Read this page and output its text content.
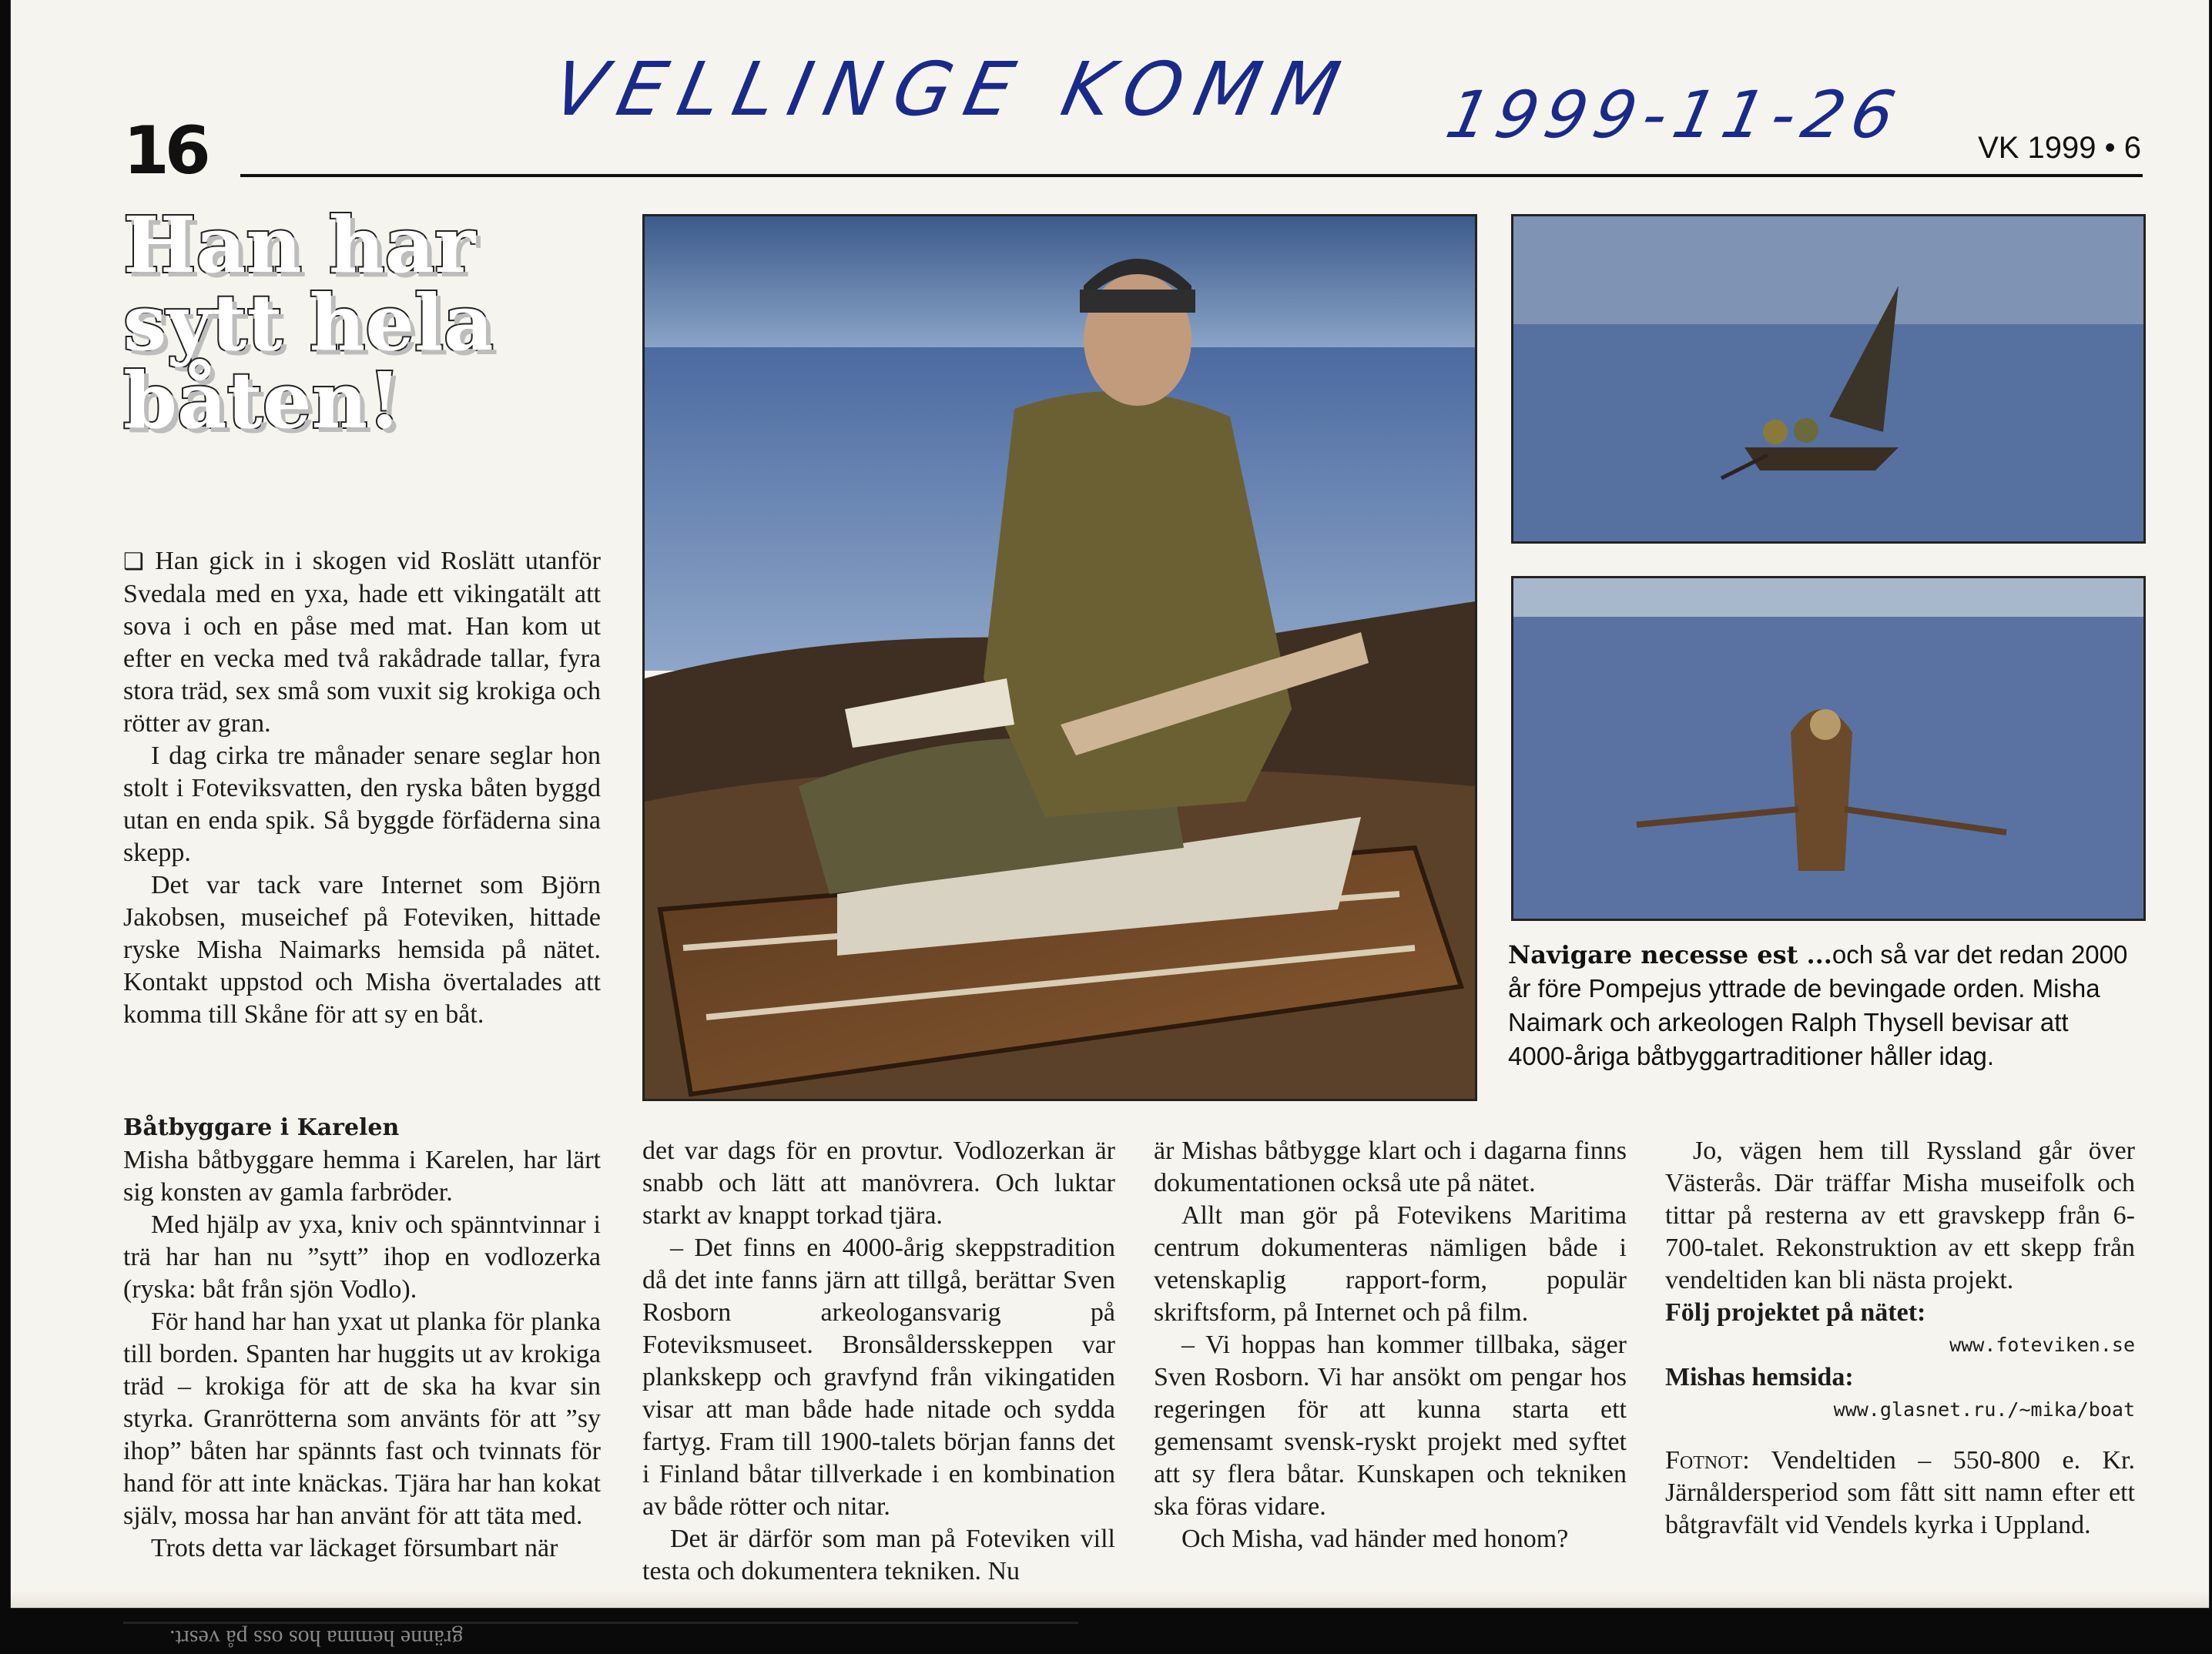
VELLINGE KOMM 1999-11-26
16	VK 1999 • 6
Han har
sytt hela
båten!

❑ Han gick in i skogen vid Roslätt utanför Svedala med en yxa, hade ett vikingatält att sova i och en påse med mat. Han kom ut efter en vecka med två rakådrade tallar, fyra stora träd, sex små som vuxit sig krokiga och rötter av gran.

I dag cirka tre månader senare seglar hon stolt i Foteviksvatten, den ryska båten byggd utan en enda spik. Så byggde förfäderna sina skepp.

Det var tack vare Internet som Björn Jakobsen, museichef på Foteviken, hittade ryske Misha Naimarks hemsida på nätet. Kontakt uppstod och Misha övertalades att komma till Skåne för att sy en båt.

Båtbyggare i Karelen

Misha båtbyggare hemma i Karelen, har lärt sig konsten av gamla farbröder.

Med hjälp av yxa, kniv och spänntvinnar i trä har han nu ”sytt” ihop en vodlozerka (ryska: båt från sjön Vodlo).

För hand har han yxat ut planka för planka till borden. Spanten har huggits ut av krokiga träd – krokiga för att de ska ha kvar sin styrka. Granrötterna som använts för att ”sy ihop” båten har spännts fast och tvinnats för hand för att inte knäckas. Tjära har han kokat själv, mossa har han använt för att täta med.

Trots detta var läckaget försumbart när

Navigare necesse est ...och så var det redan 2000 år före Pompejus yttrade de bevingade orden. Misha Naimark och arkeologen Ralph Thysell bevisar att 4000-åriga båtbyggartraditioner håller idag.

det var dags för en provtur. Vodlozerkan är snabb och lätt att manövrera. Och luktar starkt av knappt torkad tjära.

– Det finns en 4000-årig skeppstradition då det inte fanns järn att tillgå, berättar Sven Rosborn arkeologansvarig på Foteviksmuseet. Bronsåldersskeppen var plankskepp och gravfynd från vikingatiden visar att man både hade nitade och sydda fartyg. Fram till 1900-talets början fanns det i Finland båtar tillverkade i en kombination av både rötter och nitar.

Det är därför som man på Foteviken vill testa och dokumentera tekniken. Nu

är Mishas båtbygge klart och i dagarna finns dokumentationen också ute på nätet.

Allt man gör på Fotevikens Maritima centrum dokumenteras nämligen både i vetenskaplig rapport-form, populär skriftsform, på Internet och på film.

– Vi hoppas han kommer tillbaka, säger Sven Rosborn. Vi har ansökt om pengar hos regeringen för att kunna starta ett gemensamt svensk-ryskt projekt med syftet att sy flera båtar. Kunskapen och tekniken ska föras vidare.

Och Misha, vad händer med honom?

Jo, vägen hem till Ryssland går över Västerås. Där träffar Misha museifolk och tittar på resterna av ett gravskepp från 6-700-talet. Rekonstruktion av ett skepp från vendeltiden kan bli nästa projekt.

Följ projektet på nätet:

www.foteviken.se

Mishas hemsida:

www.glasnet.ru./~mika/boat

Fotnot: Vendeltiden – 550-800 e. Kr. Järnåldersperiod som fått sitt namn efter ett båtgravfält vid Vendels kyrka i Uppland.

gränne hemma hos oss på vesrt.
